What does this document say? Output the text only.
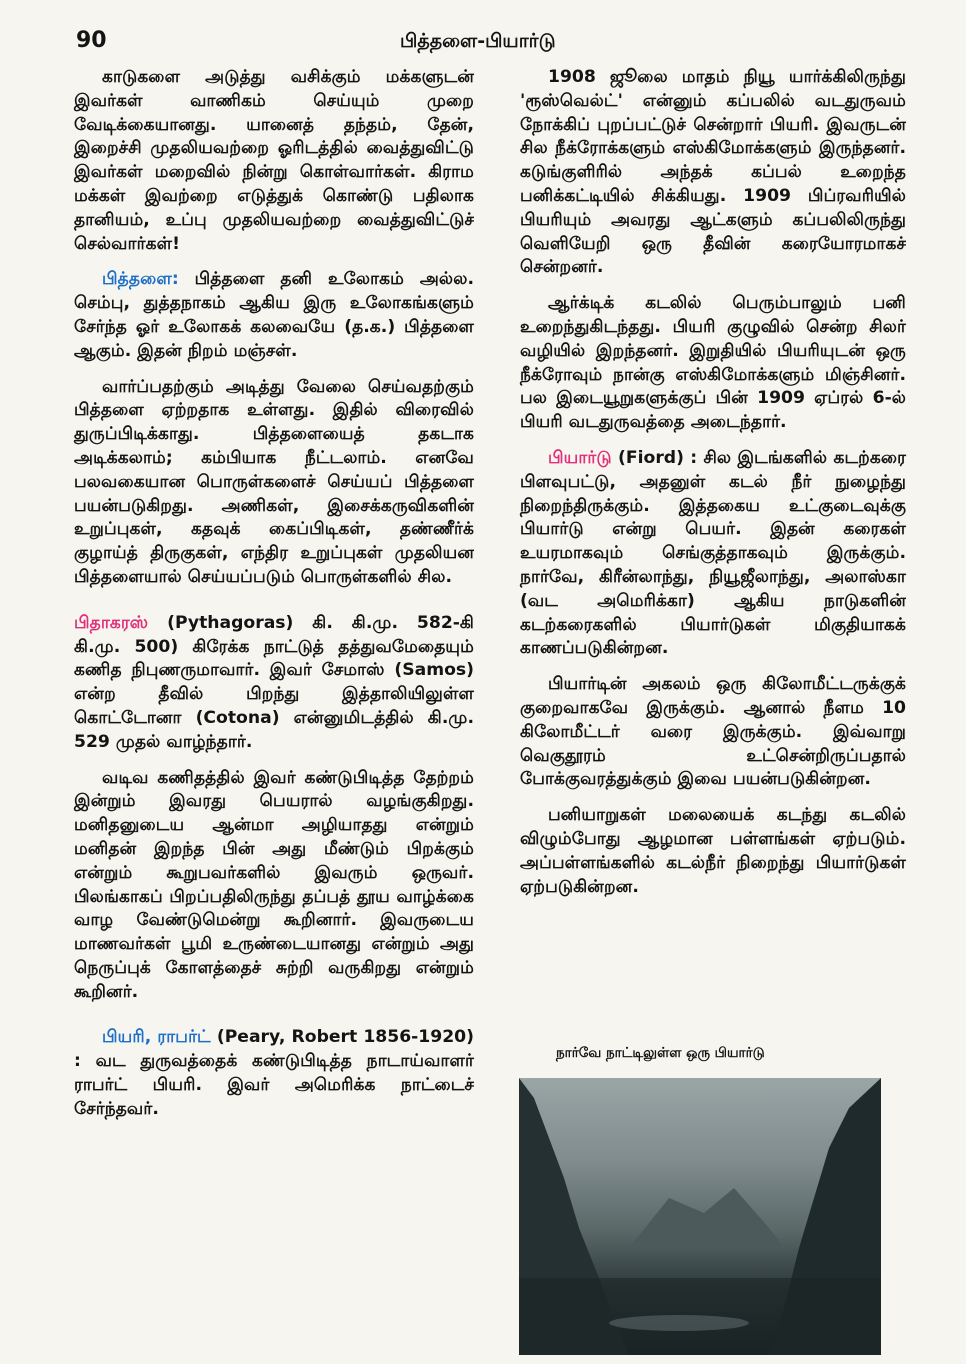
90	பித்தளை-பியார்டு

காடுகளை அடுத்து வசிக்கும் மக்களுடன் இவர்கள் வாணிகம் செய்யும் முறை வேடிக்கையானது. யானைத் தந்தம், தேன், இறைச்சி முதலியவற்றை ஓரிடத்தில் வைத்துவிட்டு இவர்கள் மறைவில் நின்று கொள்வார்கள். கிராம மக்கள் இவற்றை எடுத்துக் கொண்டு பதிலாக தானியம், உப்பு முதலியவற்றை வைத்துவிட்டுச் செல்வார்கள்!

பித்தளை: பித்தளை தனி உலோகம் அல்ல. செம்பு, துத்தநாகம் ஆகிய இரு உலோகங்களும் சேர்ந்த ஓர் உலோகக் கலவையே (த.க.) பித்தளை ஆகும். இதன் நிறம் மஞ்சள்.

வார்ப்பதற்கும் அடித்து வேலை செய்வதற்கும் பித்தளை ஏற்றதாக உள்ளது. இதில் விரைவில் துருப்பிடிக்காது. பித்தளையைத் தகடாக அடிக்கலாம்; கம்பியாக நீட்டலாம். எனவே பலவகையான பொருள்களைச் செய்யப் பித்தளை பயன்படுகிறது. அணிகள், இசைக்கருவிகளின் உறுப்புகள், கதவுக் கைப்பிடிகள், தண்ணீர்க் குழாய்த் திருகுகள், எந்திர உறுப்புகள் முதலியன பித்தளையால் செய்யப்படும் பொருள்களில் சில.

பிதாகரஸ் (Pythagoras) கி. கி.மு. 582-கி கி.மு. 500) கிரேக்க நாட்டுத் தத்துவமேதையும் கணித நிபுணருமாவார். இவர் சேமாஸ் (Samos) என்ற தீவில் பிறந்து இத்தாலியிலுள்ள கொட்டோனா (Cotona) என்னுமிடத்தில் கி.மு. 529 முதல் வாழ்ந்தார்.

வடிவ கணிதத்தில் இவர் கண்டுபிடித்த தேற்றம் இன்றும் இவரது பெயரால் வழங்குகிறது. மனிதனுடைய ஆன்மா அழியாதது என்றும் மனிதன் இறந்த பின் அது மீண்டும் பிறக்கும் என்றும் கூறுபவர்களில் இவரும் ஒருவர். பிலங்காகப் பிறப்பதிலிருந்து தப்பத் தூய வாழ்க்கை வாழ வேண்டுமென்று கூறினார். இவருடைய மாணவர்கள் பூமி உருண்டையானது என்றும் அது நெருப்புக் கோளத்தைச் சுற்றி வருகிறது என்றும் கூறினர்.

பியரி, ராபர்ட் (Peary, Robert 1856-1920) : வட துருவத்தைக் கண்டுபிடித்த நாடாய்வாளர் ராபர்ட் பியரி. இவர் அமெரிக்க நாட்டைச் சேர்ந்தவர்.

1908 ஜூலை மாதம் நியூ யார்க்கிலிருந்து 'ரூஸ்வெல்ட்' என்னும் கப்பலில் வடதுருவம் நோக்கிப் புறப்பட்டுச் சென்றார் பியரி. இவருடன் சில நீக்ரோக்களும் எஸ்கிமோக்களும் இருந்தனர். கடுங்குளிரில் அந்தக் கப்பல் உறைந்த பனிக்கட்டியில் சிக்கியது. 1909 பிப்ரவரியில் பியரியும் அவரது ஆட்களும் கப்பலிலிருந்து வெளியேறி ஒரு தீவின் கரையோரமாகச் சென்றனர்.

ஆர்க்டிக் கடலில் பெரும்பாலும் பனி உறைந்துகிடந்தது. பியரி குழுவில் சென்ற சிலர் வழியில் இறந்தனர். இறுதியில் பியரியுடன் ஒரு நீக்ரோவும் நான்கு எஸ்கிமோக்களும் மிஞ்சினர். பல இடையூறுகளுக்குப் பின் 1909 ஏப்ரல் 6-ல் பியரி வடதுருவத்தை அடைந்தார்.

பியார்டு (Fiord) : சில இடங்களில் கடற்கரை பிளவுபட்டு, அதனுள் கடல் நீர் நுழைந்து நிறைந்திருக்கும். இத்தகைய உட்குடைவுக்கு பியார்டு என்று பெயர். இதன் கரைகள் உயரமாகவும் செங்குத்தாகவும் இருக்கும். நார்வே, கிரீன்லாந்து, நியூஜீலாந்து, அலாஸ்கா (வட அமெரிக்கா) ஆகிய நாடுகளின் கடற்கரைகளில் பியார்டுகள் மிகுதியாகக் காணப்படுகின்றன.

பியார்டின் அகலம் ஒரு கிலோமீட்டருக்குக் குறைவாகவே இருக்கும். ஆனால் நீளம 10 கிலோமீட்டர் வரை இருக்கும். இவ்வாறு வெகுதூரம் உட்சென்றிருப்பதால் போக்குவரத்துக்கும் இவை பயன்படுகின்றன.

பனியாறுகள் மலையைக் கடந்து கடலில் விழும்போது ஆழமான பள்ளங்கள் ஏற்படும். அப்பள்ளங்களில் கடல்நீர் நிறைந்து பியார்டுகள் ஏற்படுகின்றன.

நார்வே நாட்டிலுள்ள ஒரு பியார்டு
